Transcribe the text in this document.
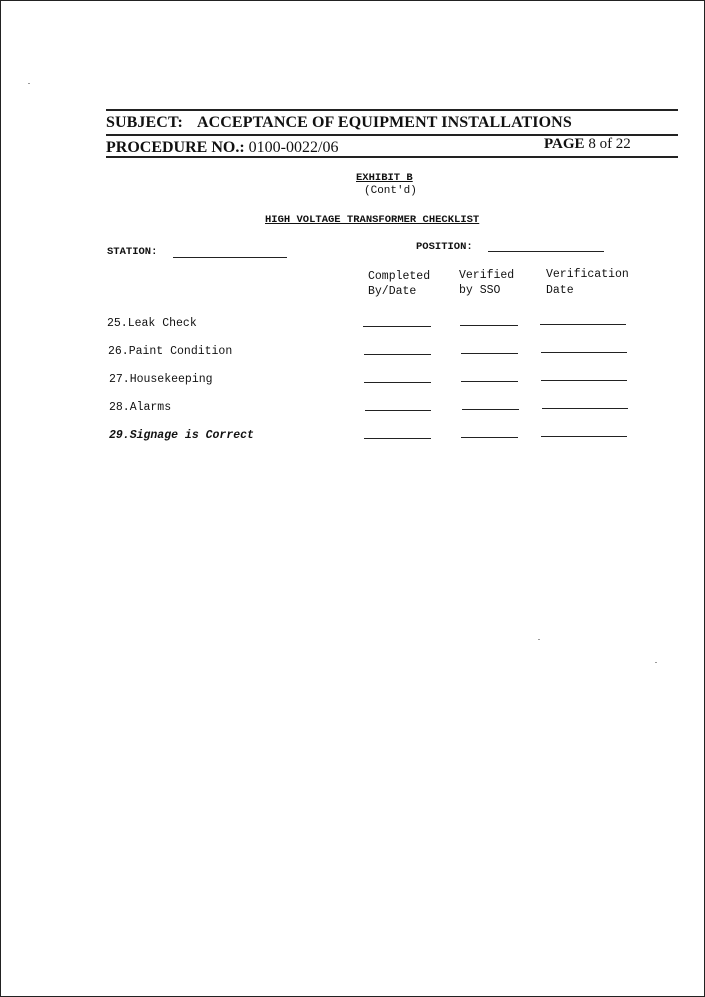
SUBJECT: ACCEPTANCE OF EQUIPMENT INSTALLATIONS
PROCEDURE NO.: 0100-0022/06	PAGE 8 of 22
EXHIBIT B
(Cont'd)
HIGH VOLTAGE TRANSFORMER CHECKLIST
STATION:	POSITION:
Completed
By/Date
Verified
by SSO
Verification
Date
25.Leak Check
26.Paint Condition
27.Housekeeping
28.Alarms
29.Signage is Correct
